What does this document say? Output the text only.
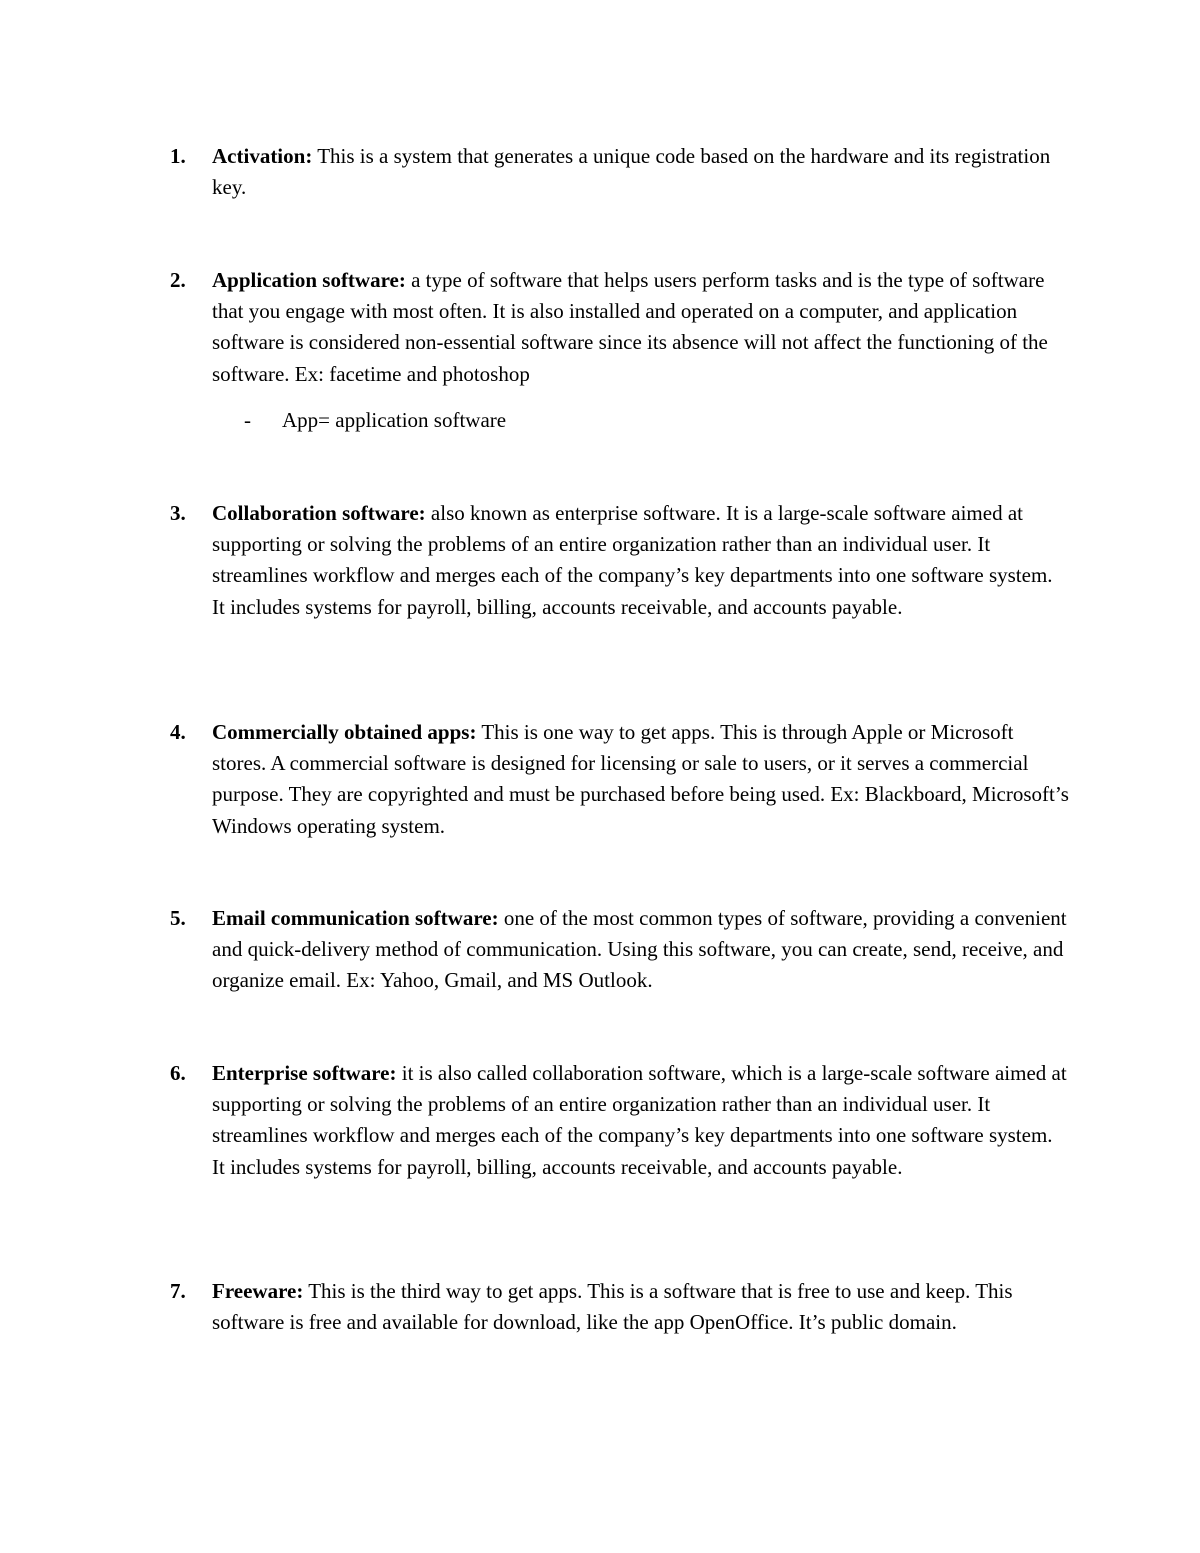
1.	Activation: This is a system that generates a unique code based on the hardware and its registration key.
2.	Application software: a type of software that helps users perform tasks and is the type of software that you engage with most often. It is also installed and operated on a computer, and application software is considered non-essential software since its absence will not affect the functioning of the software. Ex: facetime and photoshop
- App= application software
3.	Collaboration software: also known as enterprise software. It is a large-scale software aimed at supporting or solving the problems of an entire organization rather than an individual user. It streamlines workflow and merges each of the company’s key departments into one software system. It includes systems for payroll, billing, accounts receivable, and accounts payable.
4.	Commercially obtained apps: This is one way to get apps. This is through Apple or Microsoft stores. A commercial software is designed for licensing or sale to users, or it serves a commercial purpose. They are copyrighted and must be purchased before being used. Ex: Blackboard, Microsoft’s Windows operating system.
5.	Email communication software: one of the most common types of software, providing a convenient and quick-delivery method of communication. Using this software, you can create, send, receive, and organize email. Ex: Yahoo, Gmail, and MS Outlook.
6.	Enterprise software: it is also called collaboration software, which is a large-scale software aimed at supporting or solving the problems of an entire organization rather than an individual user. It streamlines workflow and merges each of the company’s key departments into one software system. It includes systems for payroll, billing, accounts receivable, and accounts payable.
7.	Freeware: This is the third way to get apps. This is a software that is free to use and keep. This software is free and available for download, like the app OpenOffice. It’s public domain.
